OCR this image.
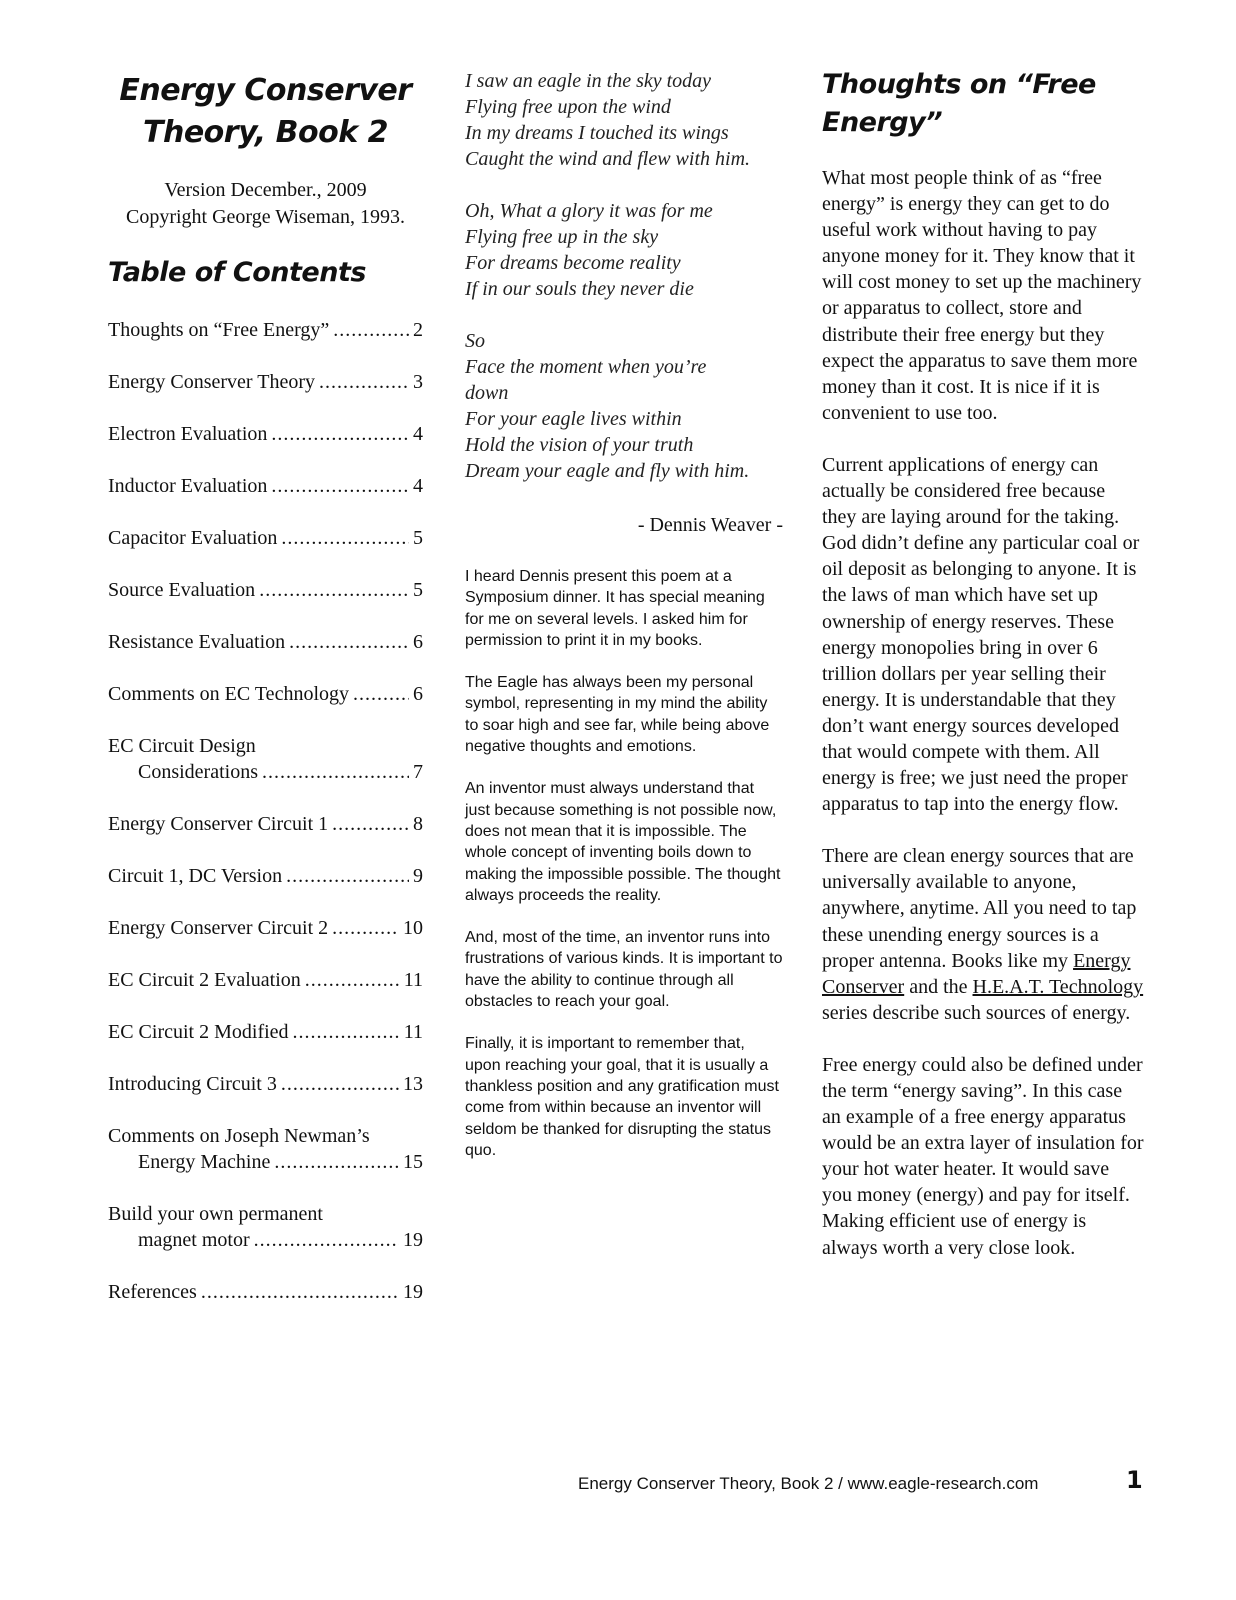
Energy Conserver
Theory, Book 2
Version December., 2009
Copyright George Wiseman, 1993.
Table of Contents
Thoughts on “Free Energy” .....	2
Energy Conserver Theory .....	3
Electron Evaluation .....	4
Inductor Evaluation .....	4
Capacitor Evaluation .....	5
Source Evaluation .....	5
Resistance Evaluation .....	6
Comments on EC Technology .....	6
EC Circuit Design
Considerations .....	7
Energy Conserver Circuit 1 .....	8
Circuit 1, DC Version .....	9
Energy Conserver Circuit 2 .....	10
EC Circuit 2 Evaluation .....	11
EC Circuit 2 Modified .....	11
Introducing Circuit 3 .....	13
Comments on Joseph Newman’s
Energy Machine .....	15
Build your own permanent
magnet motor .....	19
References .....	19
I saw an eagle in the sky today
Flying free upon the wind
In my dreams I touched its wings
Caught the wind and flew with him.
Oh, What a glory it was for me
Flying free up in the sky
For dreams become reality
If in our souls they never die
So
Face the moment when you’re
down
For your eagle lives within
Hold the vision of your truth
Dream your eagle and fly with him.
- Dennis Weaver -

I heard Dennis present this poem at a Symposium dinner. It has special meaning for me on several levels. I asked him for permission to print it in my books.

The Eagle has always been my personal symbol, representing in my mind the ability to soar high and see far, while being above negative thoughts and emotions.

An inventor must always understand that just because something is not possible now, does not mean that it is impossible. The whole concept of inventing boils down to making the impossible possible. The thought always proceeds the reality.

And, most of the time, an inventor runs into frustrations of various kinds. It is important to have the ability to continue through all obstacles to reach your goal.

Finally, it is important to remember that, upon reaching your goal, that it is usually a thankless position and any gratification must come from within because an inventor will seldom be thanked for disrupting the status quo.

Thoughts on “Free
Energy”

What most people think of as “free energy” is energy they can get to do useful work without having to pay anyone money for it. They know that it will cost money to set up the machinery or apparatus to collect, store and distribute their free energy but they expect the apparatus to save them more money than it cost. It is nice if it is convenient to use too.

Current applications of energy can actually be considered free because they are laying around for the taking. God didn’t define any particular coal or oil deposit as belonging to anyone. It is the laws of man which have set up ownership of energy reserves. These energy monopolies bring in over 6 trillion dollars per year selling their energy. It is understandable that they don’t want energy sources developed that would compete with them. All energy is free; we just need the proper apparatus to tap into the energy flow.

There are clean energy sources that are universally available to anyone, anywhere, anytime. All you need to tap these unending energy sources is a proper antenna. Books like my Energy Conserver and the H.E.A.T. Technology series describe such sources of energy.

Free energy could also be defined under the term “energy saving”. In this case an example of a free energy apparatus would be an extra layer of insulation for your hot water heater. It would save you money (energy) and pay for itself. Making efficient use of energy is always worth a very close look.

Energy Conserver Theory, Book 2 / www.eagle-research.com	1
